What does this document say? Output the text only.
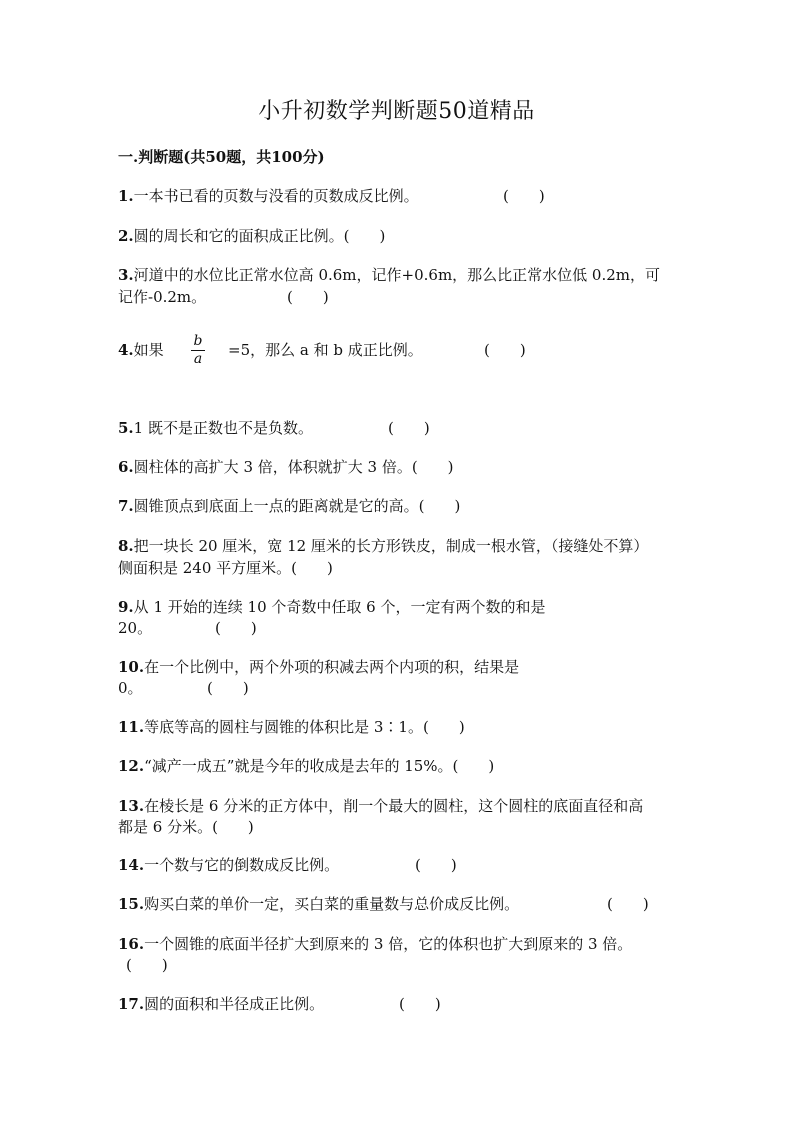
小升初数学判断题50道精品
一.判断题(共50题，共100分)
1.一本书已看的页数与没看的页数成反比例。	(　　)
2.圆的周长和它的面积成正比例。(　　)
3.河道中的水位比正常水位高 0.6m，记作+0.6m，那么比正常水位低 0.2m，可
记作-0.2m。	(　　)
4.如果	b
a =5，那么 a 和 b 成正比例。	(　　)
5.1 既不是正数也不是负数。	(　　)
6.圆柱体的高扩大 3 倍，体积就扩大 3 倍。(　　)
7.圆锥顶点到底面上一点的距离就是它的高。(　　)
8.把一块长 20 厘米，宽 12 厘米的长方形铁皮，制成一根水管，（接缝处不算）
侧面积是 240 平方厘米。(　　)
9.从 1 开始的连续 10 个奇数中任取 6 个，一定有两个数的和是
20。	(　　)
10.在一个比例中，两个外项的积减去两个内项的积，结果是
0。	(　　)
11.等底等高的圆柱与圆锥的体积比是 3∶1。(　　)
12.“减产一成五”就是今年的收成是去年的 15%。(　　)
13.在棱长是 6 分米的正方体中，削一个最大的圆柱，这个圆柱的底面直径和高
都是 6 分米。(　　)
14.一个数与它的倒数成反比例。	(　　)
15.购买白菜的单价一定，买白菜的重量数与总价成反比例。	(　　)
16.一个圆锥的底面半径扩大到原来的 3 倍，它的体积也扩大到原来的 3 倍。
(　　)
17.圆的面积和半径成正比例。	(　　)
